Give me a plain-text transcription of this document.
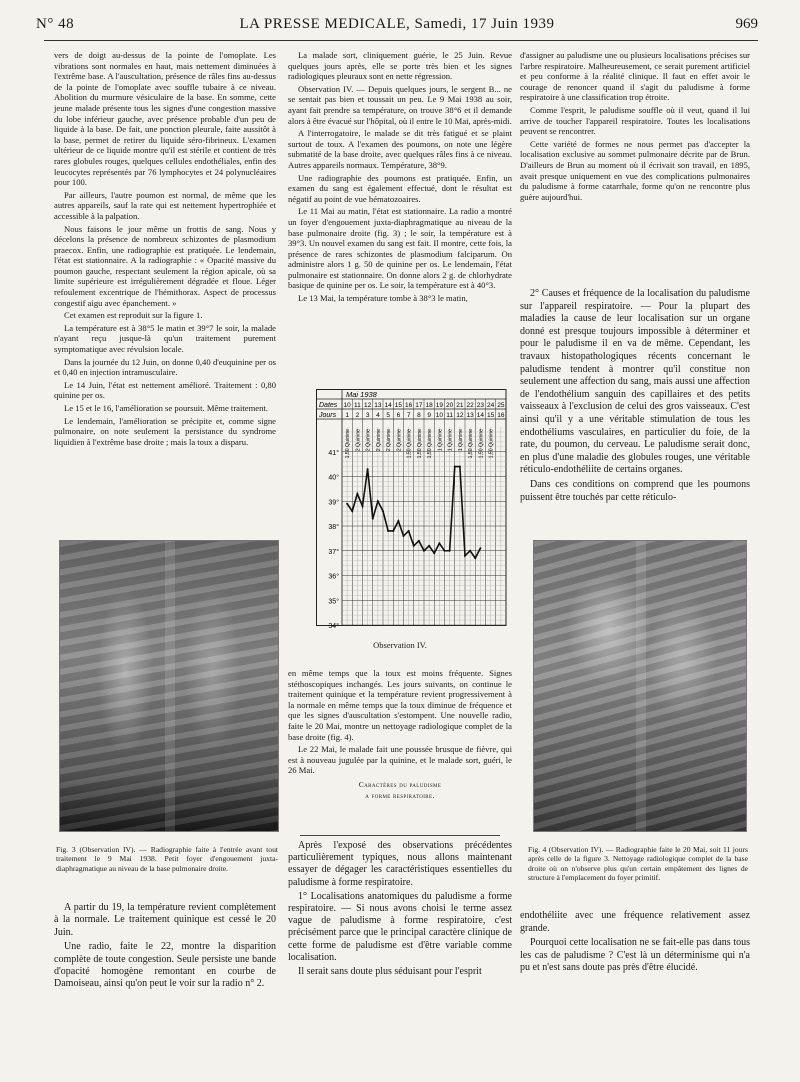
N° 48	LA PRESSE MEDICALE, Samedi, 17 Juin 1939	969

vers de doigt au-dessus de la pointe de l'omoplate. Les vibrations sont normales en haut, mais nettement diminuées à l'extrême base. A l'auscultation, présence de râles fins au-dessus de la pointe de l'omoplate avec souffle tubaire à ce niveau. Abolition du murmure vésiculaire de la base. En somme, cette jeune malade présente tous les signes d'une congestion massive du lobe inférieur gauche, avec présence probable d'un peu de liquide à la base. De fait, une ponction pleurale, faite aussitôt à la base, permet de retirer du liquide séro-fibrineux. L'examen ultérieur de ce liquide montre qu'il est stérile et contient de très rares globules rouges, quelques cellules endothéliales, enfin des leucocytes représentés par 76 lymphocytes et 24 polynucléaires pour 100.

Par ailleurs, l'autre poumon est normal, de même que les autres appareils, sauf la rate qui est nettement hypertrophiée et accessible à la palpation.

Nous faisons le jour même un frottis de sang. Nous y décelons la présence de nombreux schizontes de plasmodium praecox. Enfin, une radiographie est pratiquée. Le lendemain, l'état est stationnaire. A la radiographie : « Opacité massive du poumon gauche, respectant seulement la région apicale, où sa limite supérieure est irrégulièrement dégradée et floue. Léger refoulement excentrique de l'hémithorax. Aspect de processus congestif aigu avec épanchement. »

Cet examen est reproduit sur la figure 1.

La température est à 38°5 le matin et 39°7 le soir, la malade n'ayant reçu jusque-là qu'un traitement purement symptomatique avec révulsion locale.

Dans la journée du 12 Juin, on donne 0,40 d'euquinine per os et 0,40 en injection intramusculaire.

Le 14 Juin, l'état est nettement amélioré. Traitement : 0,80 quinine per os.

Le 15 et le 16, l'amélioration se poursuit. Même traitement.

Le lendemain, l'amélioration se précipite et, comme signe pulmonaire, on note seulement la persistance du syndrome liquidien à l'extrême base droite ; mais la toux a disparu.

La malade sort, cliniquement guérie, le 25 Juin. Revue quelques jours après, elle se porte très bien et les signes radiologiques pleuraux sont en nette régression.

Observation IV. — Depuis quelques jours, le sergent B... ne se sentait pas bien et toussait un peu. Le 9 Mai 1938 au soir, ayant fait prendre sa température, on trouve 38°6 et il demande alors à être évacué sur l'hôpital, où il entre le 10 Mai, après-midi.

A l'interrogatoire, le malade se dit très fatigué et se plaint surtout de toux. A l'examen des poumons, on note une légère submatité de la base droite, avec quelques râles fins à ce niveau. Autres appareils normaux. Température, 38°9.

Une radiographie des poumons est pratiquée. Enfin, un examen du sang est également effectué, dont le résultat est négatif au point de vue hématozoaires.

Le 11 Mai au matin, l'état est stationnaire. La radio a montré un foyer d'engouement juxta-diaphragmatique au niveau de la base pulmonaire droite (fig. 3) ; le soir, la température est à 39°3. Un nouvel examen du sang est fait. Il montre, cette fois, la présence de rares schizontes de plasmodium falciparum. On administre alors 1 g. 50 de quinine per os. Le lendemain, l'état pulmonaire est stationnaire. On donne alors 2 g. de chlorhydrate basique de quinine per os. Le soir, la température est à 40°3.

Le 13 Mai, la température tombe à 38°3 le matin,

d'assigner au paludisme une ou plusieurs localisations précises sur l'arbre respiratoire. Malheureusement, ce serait purement artificiel et peu conforme à la réalité clinique. Il faut en effet avoir le courage de renoncer quand il s'agit du paludisme à forme respiratoire à une classification trop étroite.

Comme l'esprit, le paludisme souffle où il veut, quand il lui arrive de toucher l'appareil respiratoire. Toutes les localisations peuvent se rencontrer.

Cette variété de formes ne nous permet pas d'accepter la localisation exclusive au sommet pulmonaire décrite par de Brun. D'ailleurs de Brun au moment où il écrivait son travail, en 1895, avait presque uniquement en vue des complications pulmonaires du paludisme à forme catarrhale, forme qu'on ne rencontre plus guère aujourd'hui.

2° Causes et fréquence de la localisation du paludisme sur l'appareil respiratoire. — Pour la plupart des maladies la cause de leur localisation sur un organe donné est presque toujours impossible à déterminer et pour le paludisme il en va de même. Cependant, les travaux histopathologiques récents concernant le paludisme tendent à montrer qu'il constitue non seulement une affection du sang, mais aussi une affection de l'endothélium sanguin des capillaires et des petits vaisseaux à l'exclusion de celui des gros vaisseaux. C'est ainsi qu'il y a une véritable stimulation de tous les endothéliums vasculaires, en particulier du foie, de la rate, du poumon, du cerveau. Le paludisme serait donc, en plus d'une maladie des globules rouges, une véritable réticulo-endothéliite de certains organes.

Dans ces conditions on comprend que les poumons puissent être touchés par cette réticulo-

Dates
Jours
Mai 1938
10
1
11
2
12
3
13
4
14
5
15
6
16
7
17
8
18
9
19
10
20
11
21
12
22
13
23
14
24
15
25
16
41°
40°
39°
38°
37°
36°
35°
34°
1,50 Quinine 2 Quinine 2 Quinine 2 Quinine 2 Quinine 2 Quinine 1,50 Quinine 1,50 Quinine 1,50 Quinine 1 Quinine 1 Quinine 1 Quinine 1,50 Quinine 1,50 Quinine 1,50 Quinine
Observation IV.
Fig. 3 (Observation IV). — Radiographie faite à l'entrée avant tout traitement le 9 Mai 1938. Petit foyer d'engouement juxta-diaphragmatique au niveau de la base pulmonaire droite.
Fig. 4 (Observation IV). — Radiographie faite le 20 Mai, soit 11 jours après celle de la figure 3. Nettoyage radiologique complet de la base droite où on n'observe plus qu'un certain empâtement des lignes de structure à l'emplacement du foyer primitif.

en même temps que la toux est moins fréquente. Signes stéthoscopiques inchangés. Les jours suivants, on continue le traitement quinique et la température revient progressivement à la normale en même temps que la toux diminue de fréquence et que les signes d'auscultation s'estompent. Une nouvelle radio, faite le 20 Mai, montre un nettoyage radiologique complet de la base droite (fig. 4).

Le 22 Mai, le malade fait une poussée brusque de fièvre, qui est à nouveau jugulée par la quinine, et le malade sort, guéri, le 26 Mai.

Caractères du paludisme
a forme respiratoire.

Après l'exposé des observations précédentes particulièrement typiques, nous allons maintenant essayer de dégager les caractéristiques essentielles du paludisme à forme respiratoire.

1° Localisations anatomiques du paludisme a forme respiratoire. — Si nous avons choisi le terme assez vague de paludisme à forme respiratoire, c'est précisément parce que le principal caractère clinique de cette forme de paludisme est d'être variable comme localisation.

Il serait sans doute plus séduisant pour l'esprit

A partir du 19, la température revient complètement à la normale. Le traitement quinique est cessé le 20 Juin.

Une radio, faite le 22, montre la disparition complète de toute congestion. Seule persiste une bande d'opacité homogène remontant en courbe de Damoiseau, ainsi qu'on peut le voir sur la radio n° 2.

endothéliite avec une fréquence relativement assez grande.

Pourquoi cette localisation ne se fait-elle pas dans tous les cas de paludisme ? C'est là un déterminisme qui n'a pu et n'est sans doute pas près d'être élucidé.
